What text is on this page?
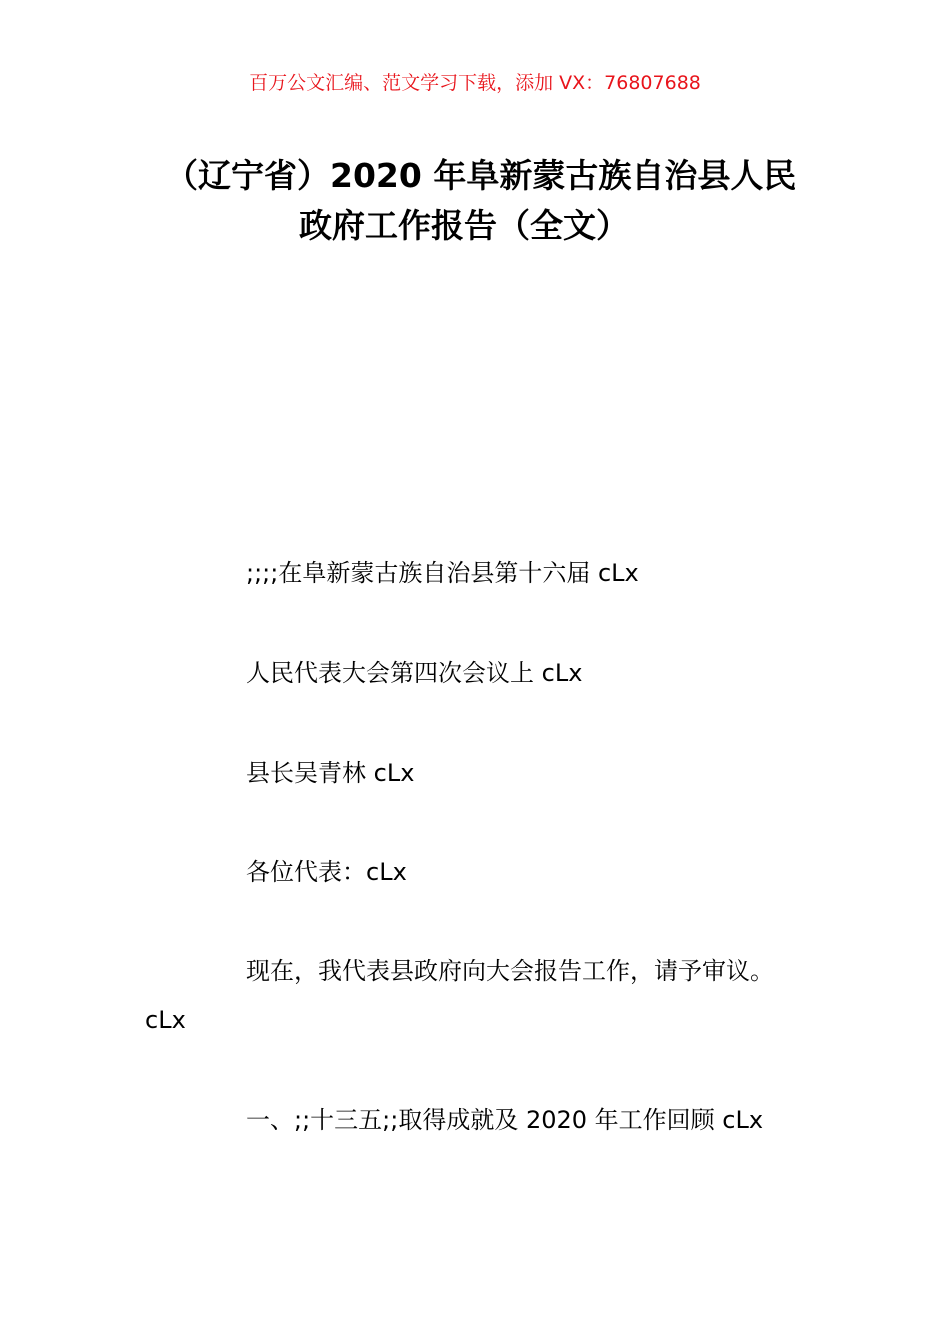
百万公文汇编、范文学习下载，添加 VX：76807688
（辽宁省）2020 年阜新蒙古族自治县人民
政府工作报告（全文）
;;;;在阜新蒙古族自治县第十六届 cLx
人民代表大会第四次会议上 cLx
县长吴青林 cLx
各位代表：cLx
现在，我代表县政府向大会报告工作，请予审议。
cLx
一、;;十三五;;取得成就及 2020 年工作回顾 cLx
